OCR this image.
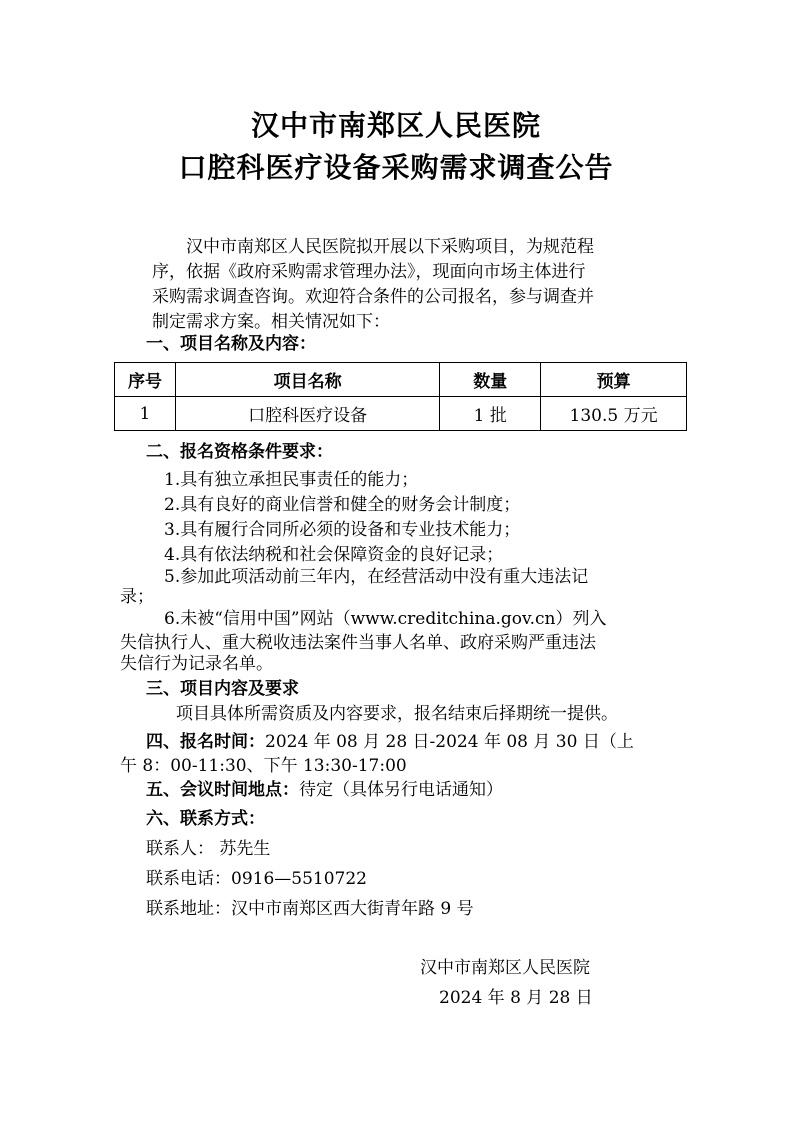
汉中市南郑区人民医院
口腔科医疗设备采购需求调查公告
汉中市南郑区人民医院拟开展以下采购项目，为规范程
序，依据《政府采购需求管理办法》，现面向市场主体进行
采购需求调查咨询。欢迎符合条件的公司报名，参与调查并
制定需求方案。相关情况如下：
一、项目名称及内容：
序号	项目名称	数量	预算
1	口腔科医疗设备	1 批	130.5 万元
二、报名资格条件要求：
1.具有独立承担民事责任的能力；
2.具有良好的商业信誉和健全的财务会计制度；
3.具有履行合同所必须的设备和专业技术能力；
4.具有依法纳税和社会保障资金的良好记录；
5.参加此项活动前三年内，在经营活动中没有重大违法记
录；
6.未被“信用中国”网站（www.creditchina.gov.cn）列入
失信执行人、重大税收违法案件当事人名单、政府采购严重违法
失信行为记录名单。
三、项目内容及要求
项目具体所需资质及内容要求，报名结束后择期统一提供。
四、报名时间：2024 年 08 月 28 日-2024 年 08 月 30 日（上
午 8：00-11:30、下午 13:30-17:00
五、会议时间地点：待定（具体另行电话通知）
六、联系方式：
联系人： 苏先生
联系电话：0916—5510722
联系地址：汉中市南郑区西大街青年路 9 号
汉中市南郑区人民医院
2024 年 8 月 28 日
